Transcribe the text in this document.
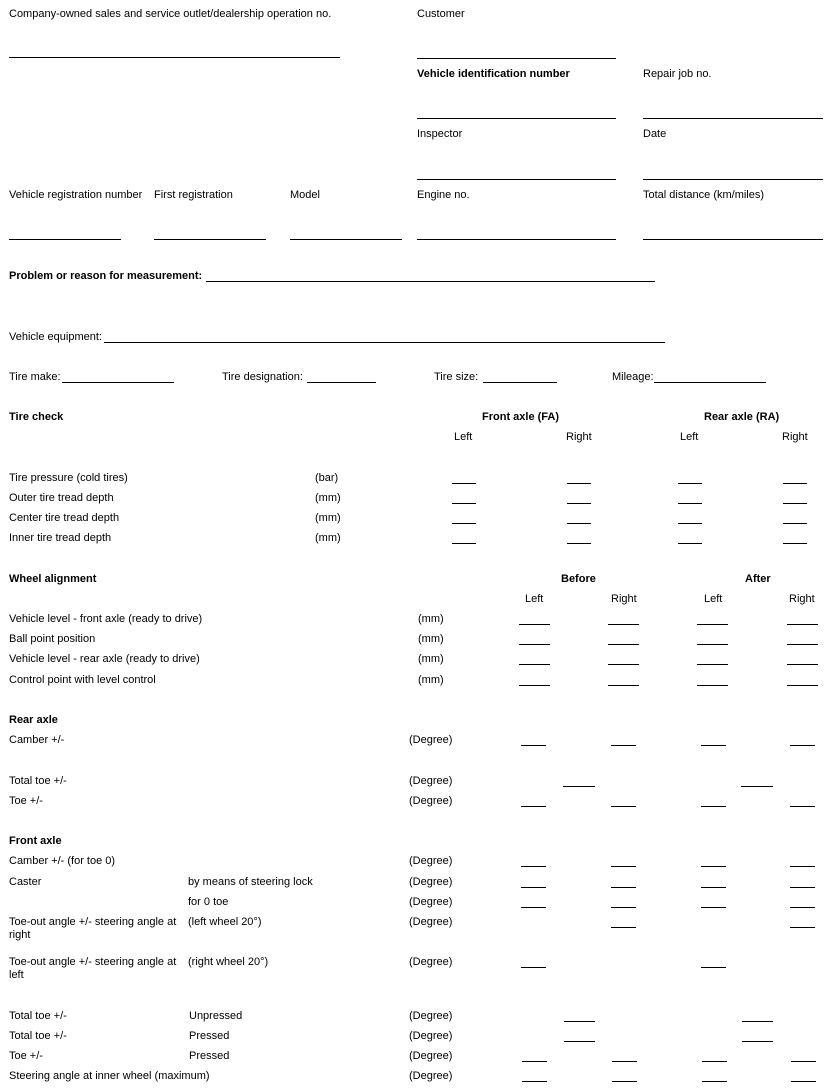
Company-owned sales and service outlet/dealership operation no.	Customer
Vehicle identification number	Repair job no.
Inspector	Date
Vehicle registration number First registration	Model	Engine no.	Total distance (km/miles)
Problem or reason for measurement:
Vehicle equipment:
Tire make:	Tire designation:	Tire size:	Mileage:
Tire check	Front axle (FA)	Rear axle (RA)
Left	Right	Left	Right
Tire pressure (cold tires)	(bar)
Outer tire tread depth	(mm)
Center tire tread depth	(mm)
Inner tire tread depth	(mm)
Wheel alignment	Before	After
Left	Right	Left	Right
Vehicle level - front axle (ready to drive)	(mm)
Ball point position	(mm)
Vehicle level - rear axle (ready to drive)	(mm)
Control point with level control	(mm)
Rear axle
Camber +/-	(Degree)
Total toe +/-	(Degree)
Toe +/-	(Degree)
Front axle
Camber +/- (for toe 0)	(Degree)
Caster	by means of steering lock	(Degree)
for 0 toe	(Degree)
Toe-out angle +/- steering angle at right
(left wheel 20°)	(Degree)
Toe-out angle +/- steering angle at left
(right wheel 20°)	(Degree)
Total toe +/-	Unpressed	(Degree)
Total toe +/-	Pressed	(Degree)
Toe +/-	Pressed	(Degree)
Steering angle at inner wheel (maximum)	(Degree)
